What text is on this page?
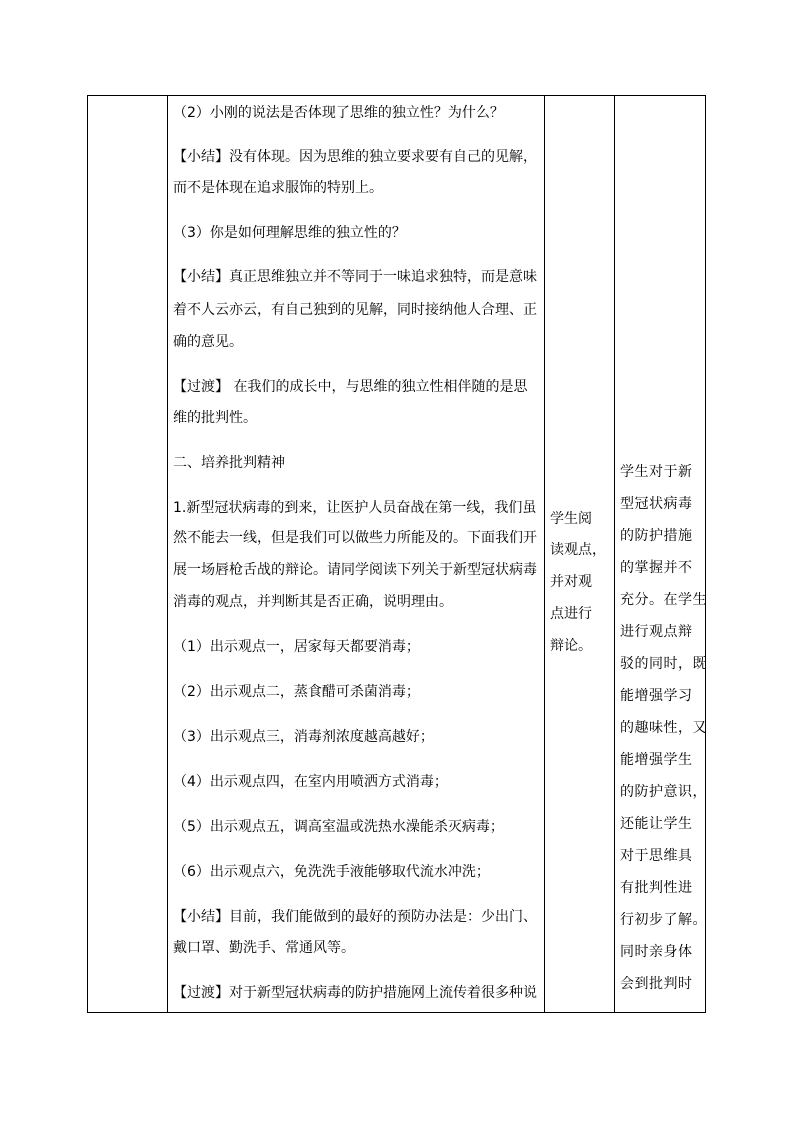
（2）小刚的说法是否体现了思维的独立性？为什么？
【小结】没有体现。因为思维的独立要求要有自己的见解，
而不是体现在追求服饰的特别上。
（3）你是如何理解思维的独立性的？
【小结】真正思维独立并不等同于一味追求独特，而是意味
着不人云亦云，有自己独到的见解，同时接纳他人合理、正
确的意见。
【过渡】 在我们的成长中，与思维的独立性相伴随的是思
维的批判性。
二、培养批判精神
1.新型冠状病毒的到来，让医护人员奋战在第一线，我们虽
然不能去一线，但是我们可以做些力所能及的。下面我们开
展一场唇枪舌战的辩论。请同学阅读下列关于新型冠状病毒
消毒的观点，并判断其是否正确，说明理由。
（1）出示观点一，居家每天都要消毒；
（2）出示观点二，蒸食醋可杀菌消毒；
（3）出示观点三，消毒剂浓度越高越好；
（4）出示观点四，在室内用喷洒方式消毒；
（5）出示观点五，调高室温或洗热水澡能杀灭病毒；
（6）出示观点六，免洗洗手液能够取代流水冲洗；
【小结】目前，我们能做到的最好的预防办法是：少出门、
戴口罩、勤洗手、常通风等。
【过渡】对于新型冠状病毒的防护措施网上流传着很多种说
学生阅
读观点，
并对观
点进行
辩论。
学生对于新
型冠状病毒
的防护措施
的掌握并不
充分。在学生
进行观点辩
驳的同时，既
能增强学习
的趣味性，又
能增强学生
的防护意识，
还能让学生
对于思维具
有批判性进
行初步了解。
同时亲身体
会到批判时
